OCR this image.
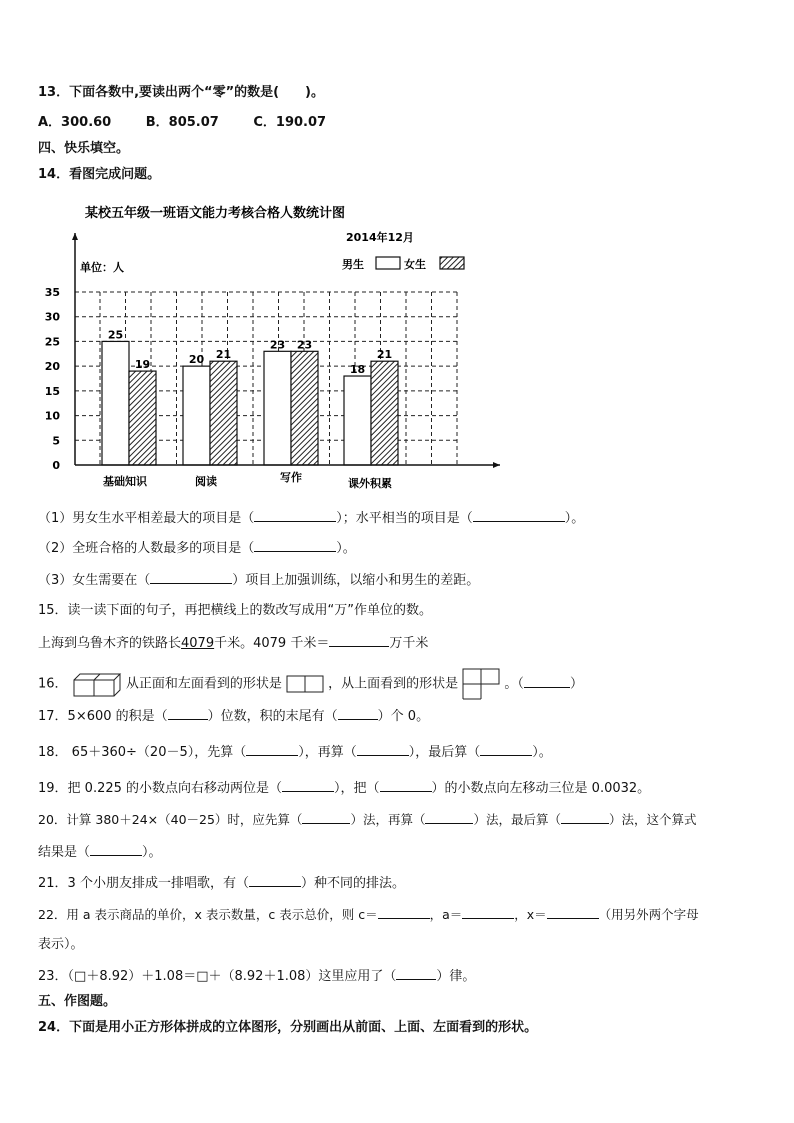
13．下面各数中,要读出两个“零”的数是(　　)。
A．300.60	B．805.07	C．190.07
四、快乐填空。
14．看图完成问题。
某校五年级一班语文能力考核合格人数统计图
2014年12月
单位：人	男生	女生
25
19	20 21
23 23
18
21
0
5
10
15
20
25
30
35
基础知识	阅读	写作	课外积累
（1）男女生水平相差最大的项目是（	）；水平相当的项目是（	）。
（2）全班合格的人数最多的项目是（	）。
（3）女生需要在（	）项目上加强训练，以缩小和男生的差距。
15．读一读下面的句子，再把横线上的数改写成用“万”作单位的数。
上海到乌鲁木齐的铁路长4079千米。4079 千米＝	万千米
16．	从正面和左面看到的形状是	，从上面看到的形状是	。（	）
17．5×600 的积是（	）位数，积的末尾有（	）个 0。
18． 65＋360÷（20－5），先算（	），再算（	），最后算（	）。
19．把 0.225 的小数点向右移动两位是（	），把（	）的小数点向左移动三位是 0.0032。
20．计算 380＋24×（40－25）时，应先算（	）法，再算（	）法，最后算（	）法，这个算式
结果是（	）。
21．3 个小朋友排成一排唱歌，有（	）种不同的排法。
22．用 a 表示商品的单价，x 表示数量，c 表示总价，则 c＝	，a＝	，x＝	（用另外两个字母
表示）。
23．（□＋8.92）＋1.08＝□＋（8.92＋1.08）这里应用了（	）律。
五、作图题。
24．下面是用小正方形体拼成的立体图形，分别画出从前面、上面、左面看到的形状。
